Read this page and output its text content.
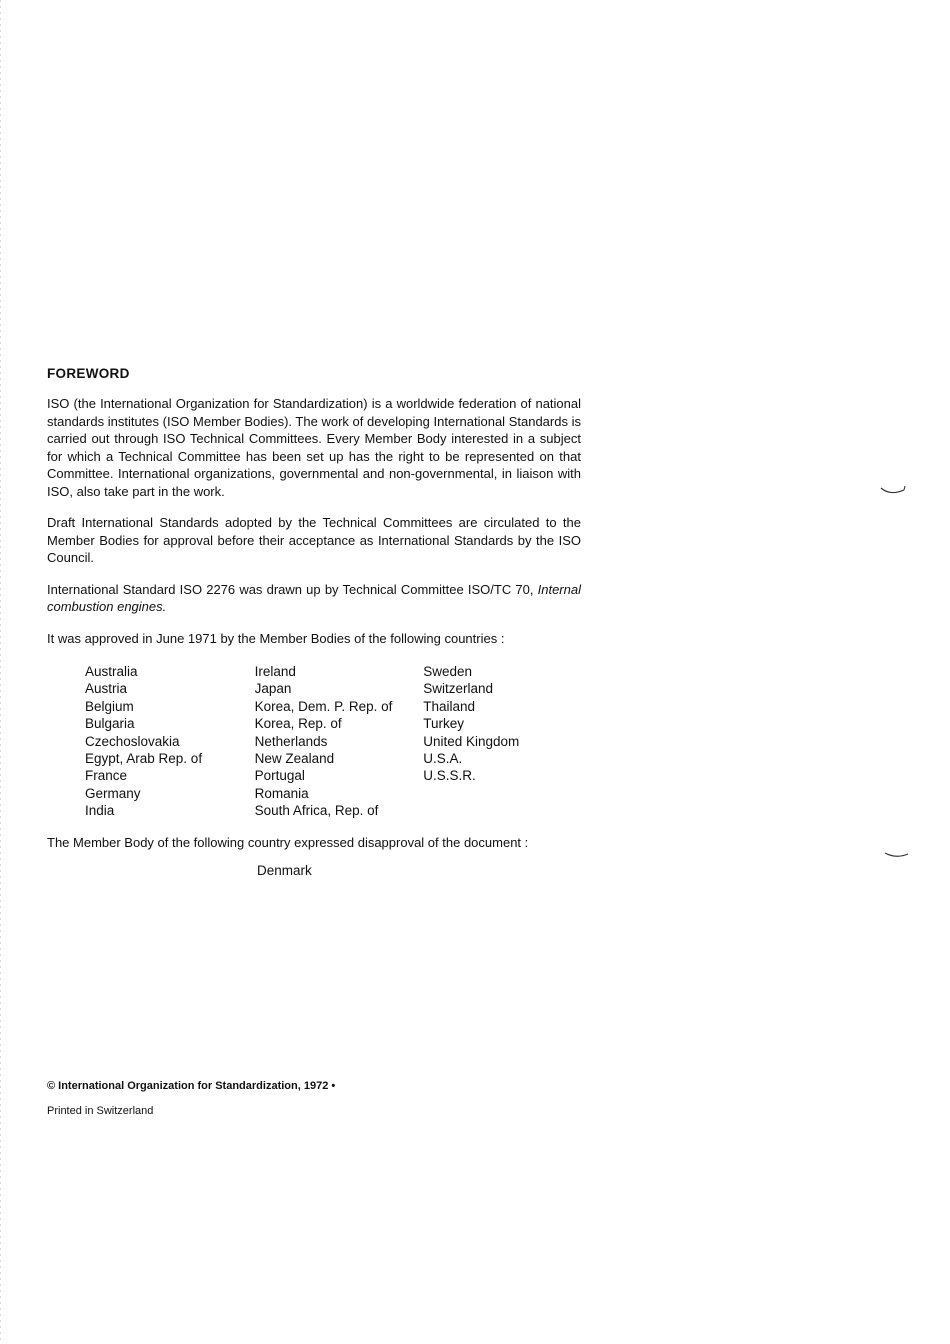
FOREWORD

ISO (the International Organization for Standardization) is a worldwide federation of national standards institutes (ISO Member Bodies). The work of developing International Standards is carried out through ISO Technical Committees. Every Member Body interested in a subject for which a Technical Committee has been set up has the right to be represented on that Committee. International organizations, governmental and non-governmental, in liaison with ISO, also take part in the work.

Draft International Standards adopted by the Technical Committees are circulated to the Member Bodies for approval before their acceptance as International Standards by the ISO Council.

International Standard ISO 2276 was drawn up by Technical Committee ISO/TC 70, Internal combustion engines.

It was approved in June 1971 by the Member Bodies of the following countries :

Australia
Austria
Belgium
Bulgaria
Czechoslovakia
Egypt, Arab Rep. of
France
Germany
India
Ireland
Japan
Korea, Dem. P. Rep. of
Korea, Rep. of
Netherlands
New Zealand
Portugal
Romania
South Africa, Rep. of
Sweden
Switzerland
Thailand
Turkey
United Kingdom
U.S.A.
U.S.S.R.

The Member Body of the following country expressed disapproval of the document :

Denmark
© International Organization for Standardization, 1972 •
Printed in Switzerland
